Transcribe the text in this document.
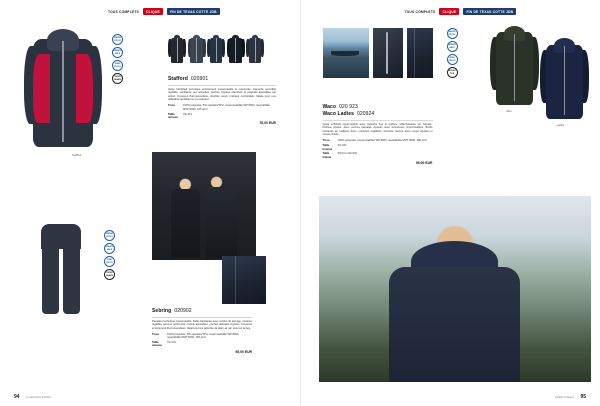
TOUS COMPLETS	CLIQUE	FIN DE TEXAS COTTE JDB
Stafford
WATER PROOF
BREATH ABLE
WIND PROOF
TAPED SEAMS	Stafford 020901
Veste hardshell technique entièrement imperméable et respirante. Capuche amovible réglable, ventilation aux aisselles, poches zippées étanches et poignets ajustables par velcro. Coutures thermosoudées, doublée mesh, intérieur confortable. Idéale pour une utilisation quotidienne en extérieur.
Tissu	100% polyester, 5% spandex/TPU, imperméabilité WP 8000, respirabilité MVP 6000, 165 g/m²
Taille unisexe
XS-3XL
78,00 EUR
WATER PROOF
BREATH ABLE
WIND PROOF
TAPED SEAMS
Sebring 020902
Pantalon technique imperméable. Taille élastiquée avec cordon de serrage, ceinture réglable, genoux préformés, ourlets ajustables, poches latérales zippées. Coutures entièrement thermosoudées. Idéal pour les activités de plein air par tous les temps.
Tissu	100% polyester, 5% spandex/TPU, imperméabilité WP 8000, respirabilité MVP 6000, 165 g/m²
Taille unisexe
XS-3XL
55,00 EUR
94	Le vêtements & Finitio
TOUS COMPLETS	CLIQUE	FIN DE TEXAS COTTE JDB
WATER PROOF
BREATH ABLE
WIND PROOF
REFLEC TIVE
Men
Ladies
Waco 020 923
Waco Ladies 020924
Veste softshell imperméable avec capuche fixe et surface réfléchissante sur l'arrière. Poitrine zippée, deux poches latérales zippées avec fermetures imperméables. Bords intérieurs en molleton doux, manches réglables. Fonction femme avec coupe ajustée et coupe cintrée.
Tissu	100% polyester, imperméabilité WP 8000, respirabilité MVP 3000, 280 g/m²
Taille homme
XS-3XL
Taille femme
XS/S to 2XL/3XL
96,00 EUR
95
Jackets & Vestes
